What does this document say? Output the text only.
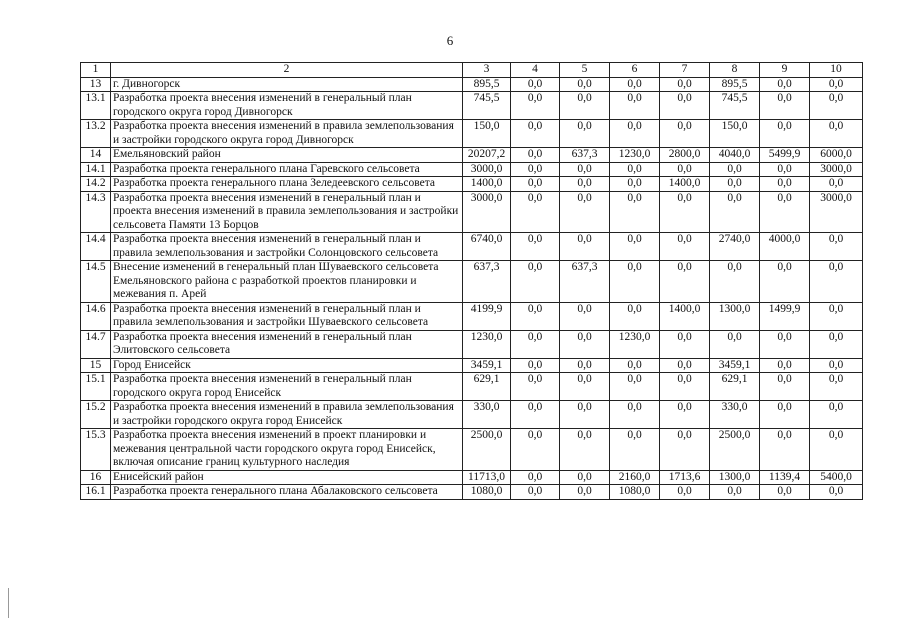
6
1	2	3	4	5	6	7	8	9	10
13	г. Дивногорск	895,5	0,0	0,0	0,0	0,0	895,5	0,0	0,0
13.1	Разработка проекта внесения изменений в генеральный план городского округа город Дивногорск	745,5	0,0	0,0	0,0	0,0	745,5	0,0	0,0
13.2	Разработка проекта внесения изменений в правила землепользования и застройки городского округа город Дивногорск	150,0	0,0	0,0	0,0	0,0	150,0	0,0	0,0
14	Емельяновский район	20207,2	0,0	637,3	1230,0	2800,0	4040,0	5499,9	6000,0
14.1	Разработка проекта генерального плана Гаревского сельсовета	3000,0	0,0	0,0	0,0	0,0	0,0	0,0	3000,0
14.2	Разработка проекта генерального плана Зеледеевского сельсовета	1400,0	0,0	0,0	0,0	1400,0	0,0	0,0	0,0
14.3	Разработка проекта внесения изменений в генеральный план и проекта внесения изменений в правила землепользования и застройки сельсовета Памяти 13 Борцов	3000,0	0,0	0,0	0,0	0,0	0,0	0,0	3000,0
14.4	Разработка проекта внесения изменений в генеральный план и правила землепользования и застройки Солонцовского сельсовета	6740,0	0,0	0,0	0,0	0,0	2740,0	4000,0	0,0
14.5	Внесение изменений в генеральный план Шуваевского сельсовета Емельяновского района с разработкой проектов планировки и межевания п. Арей	637,3	0,0	637,3	0,0	0,0	0,0	0,0	0,0
14.6	Разработка проекта внесения изменений в генеральный план и правила землепользования и застройки Шуваевского сельсовета	4199,9	0,0	0,0	0,0	1400,0	1300,0	1499,9	0,0
14.7	Разработка проекта внесения изменений в генеральный план Элитовского сельсовета	1230,0	0,0	0,0	1230,0	0,0	0,0	0,0	0,0
15	Город Енисейск	3459,1	0,0	0,0	0,0	0,0	3459,1	0,0	0,0
15.1	Разработка проекта внесения изменений в генеральный план городского округа город Енисейск	629,1	0,0	0,0	0,0	0,0	629,1	0,0	0,0
15.2	Разработка проекта внесения изменений в правила землепользования и застройки городского округа город Енисейск	330,0	0,0	0,0	0,0	0,0	330,0	0,0	0,0
15.3	Разработка проекта внесения изменений в проект планировки и межевания центральной части городского округа город Енисейск, включая описание границ культурного наследия	2500,0	0,0	0,0	0,0	0,0	2500,0	0,0	0,0
16	Енисейский район	11713,0	0,0	0,0	2160,0	1713,6	1300,0	1139,4	5400,0
16.1	Разработка проекта генерального плана Абалаковского сельсовета	1080,0	0,0	0,0	1080,0	0,0	0,0	0,0	0,0
